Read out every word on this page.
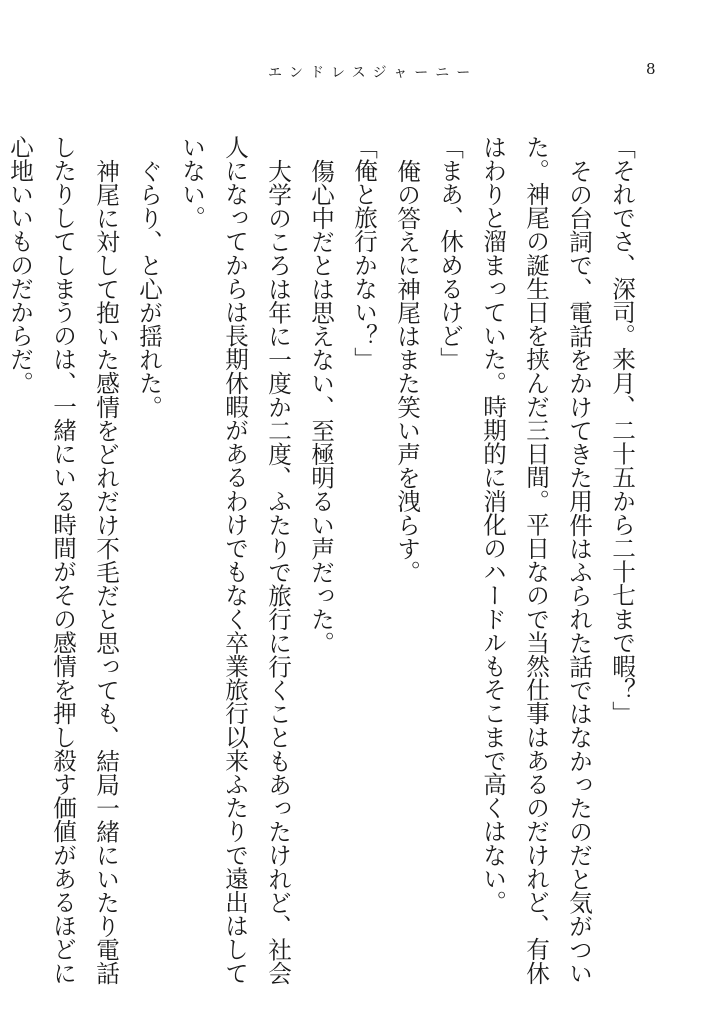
エンドレスジャーニー	8
「それでさ、深司。来月、二十五から二十七まで暇？」
その台詞で、電話をかけてきた用件はふられた話ではなかったのだと気がついた。神尾の誕生日を挟んだ三日間。平日なので当然仕事はあるのだけれど、有休はわりと溜まっていた。時期的に消化のハードルもそこまで高くはない。
「まあ、休めるけど」
俺の答えに神尾はまた笑い声を洩らす。
「俺と旅行かない？」
傷心中だとは思えない、至極明るい声だった。
大学のころは年に一度か二度、ふたりで旅行に行くこともあったけれど、社会人になってからは長期休暇があるわけでもなく卒業旅行以来ふたりで遠出はしていない。
ぐらり、と心が揺れた。
神尾に対して抱いた感情をどれだけ不毛だと思っても、結局一緒にいたり電話したりしてしまうのは、一緒にいる時間がその感情を押し殺す価値があるほどに心地いいものだからだ。
